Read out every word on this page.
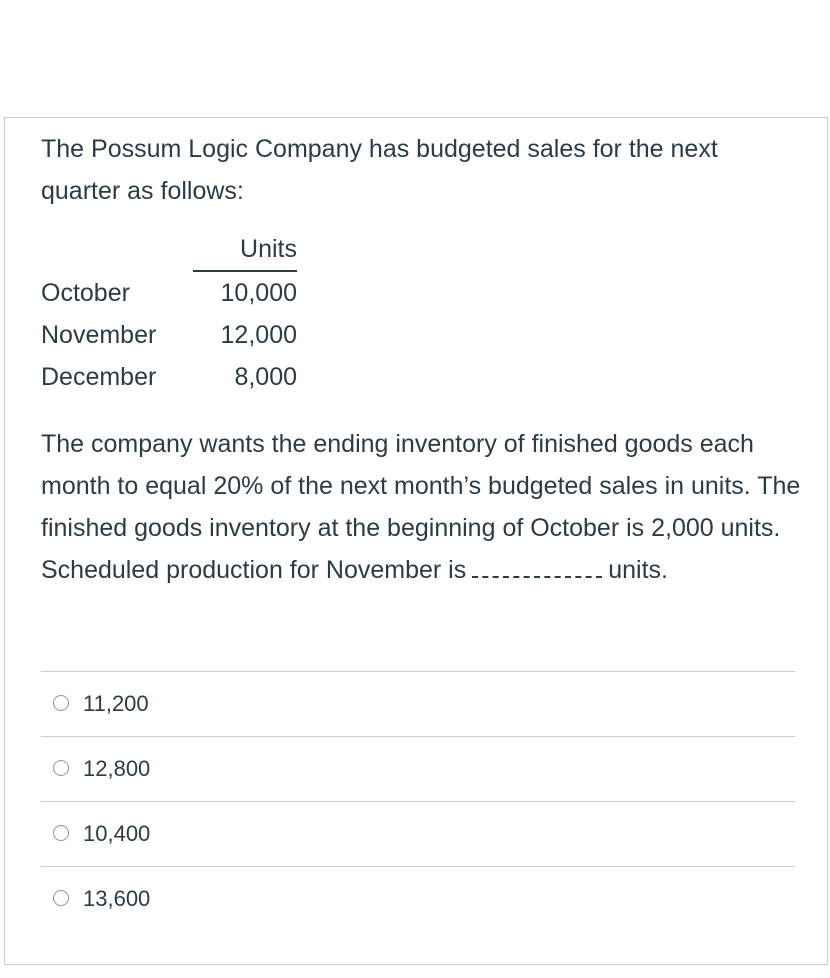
The Possum Logic Company has budgeted sales for the next quarter as follows:
Units
October	10,000
November	12,000
December	8,000
The company wants the ending inventory of finished goods each month to equal 20% of the next month’s budgeted sales in units. The finished goods inventory at the beginning of October is 2,000 units. Scheduled production for November is	units.
11,200
12,800
10,400
13,600
